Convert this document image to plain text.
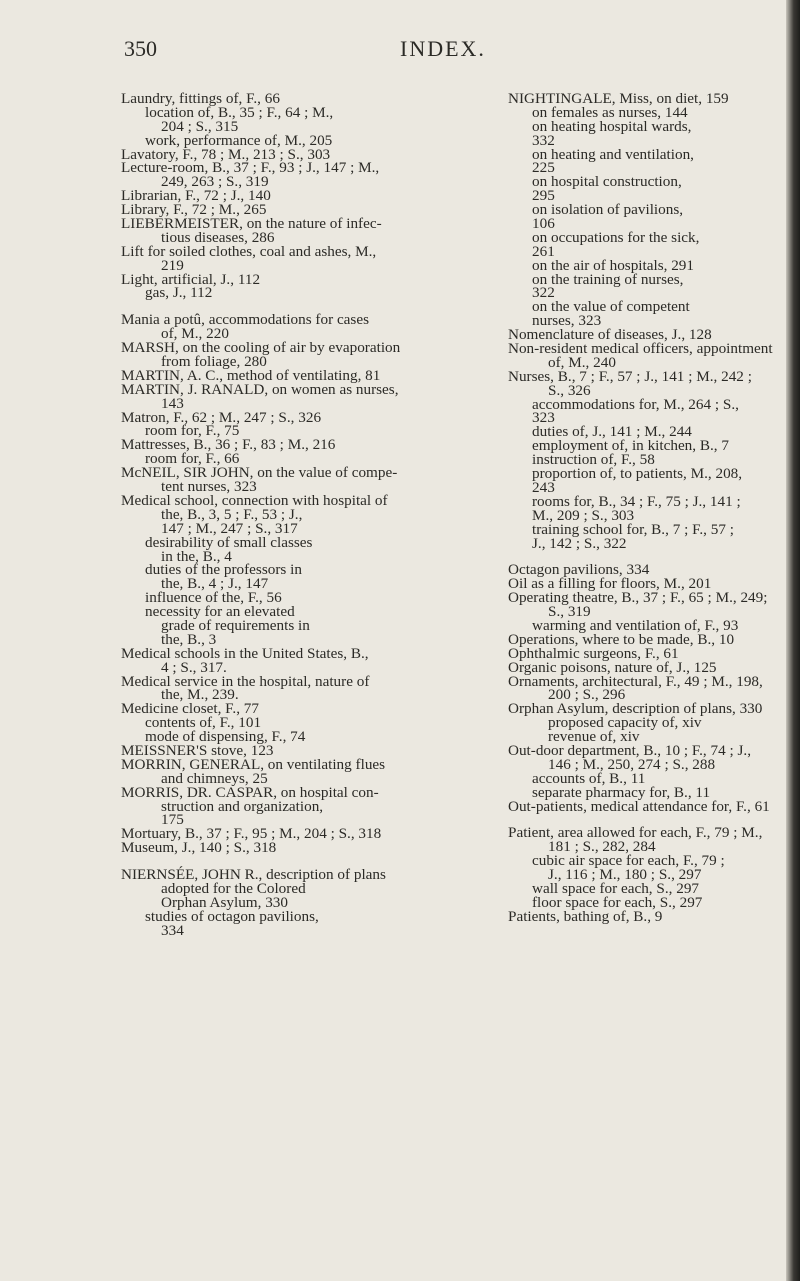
350	INDEX.
Laundry, fittings of, F., 66
location of, B., 35 ; F., 64 ; M.,
204 ; S., 315
work, performance of, M., 205
Lavatory, F., 78 ; M., 213 ; S., 303
Lecture-room, B., 37 ; F., 93 ; J., 147 ; M.,
249, 263 ; S., 319
Librarian, F., 72 ; J., 140
Library, F., 72 ; M., 265
LIEBERMEISTER, on the nature of infec-
tious diseases, 286
Lift for soiled clothes, coal and ashes, M.,
219
Light, artificial, J., 112
gas, J., 112
Mania a potû, accommodations for cases
of, M., 220
MARSH, on the cooling of air by evaporation
from foliage, 280
MARTIN, A. C., method of ventilating, 81
MARTIN, J. RANALD, on women as nurses,
143
Matron, F., 62 ; M., 247 ; S., 326
room for, F., 75
Mattresses, B., 36 ; F., 83 ; M., 216
room for, F., 66
McNEIL, SIR JOHN, on the value of compe-
tent nurses, 323
Medical school, connection with hospital of
the, B., 3, 5 ; F., 53 ; J.,
147 ; M., 247 ; S., 317
desirability of small classes
in the, B., 4
duties of the professors in
the, B., 4 ; J., 147
influence of the, F., 56
necessity for an elevated
grade of requirements in
the, B., 3
Medical schools in the United States, B.,
4 ; S., 317.
Medical service in the hospital, nature of
the, M., 239.
Medicine closet, F., 77
contents of, F., 101
mode of dispensing, F., 74
MEISSNER'S stove, 123
MORRIN, GENERAL, on ventilating flues
and chimneys, 25
MORRIS, DR. CASPAR, on hospital con-
struction and organization,
175
Mortuary, B., 37 ; F., 95 ; M., 204 ; S., 318
Museum, J., 140 ; S., 318
NIERNSÉE, JOHN R., description of plans
adopted for the Colored
Orphan Asylum, 330
studies of octagon pavilions,
334
NIGHTINGALE, Miss, on diet, 159
on females as nurses, 144
on heating hospital wards,
332
on heating and ventilation,
225
on hospital construction,
295
on isolation of pavilions,
106
on occupations for the sick,
261
on the air of hospitals, 291
on the training of nurses,
322
on the value of competent
nurses, 323
Nomenclature of diseases, J., 128
Non-resident medical officers, appointment
of, M., 240
Nurses, B., 7 ; F., 57 ; J., 141 ; M., 242 ;
S., 326
accommodations for, M., 264 ; S.,
323
duties of, J., 141 ; M., 244
employment of, in kitchen, B., 7
instruction of, F., 58
proportion of, to patients, M., 208,
243
rooms for, B., 34 ; F., 75 ; J., 141 ;
M., 209 ; S., 303
training school for, B., 7 ; F., 57 ;
J., 142 ; S., 322
Octagon pavilions, 334
Oil as a filling for floors, M., 201
Operating theatre, B., 37 ; F., 65 ; M., 249;
S., 319
warming and ventilation of, F., 93
Operations, where to be made, B., 10
Ophthalmic surgeons, F., 61
Organic poisons, nature of, J., 125
Ornaments, architectural, F., 49 ; M., 198,
200 ; S., 296
Orphan Asylum, description of plans, 330
proposed capacity of, xiv
revenue of, xiv
Out-door department, B., 10 ; F., 74 ; J.,
146 ; M., 250, 274 ; S., 288
accounts of, B., 11
separate pharmacy for, B., 11
Out-patients, medical attendance for, F., 61
Patient, area allowed for each, F., 79 ; M.,
181 ; S., 282, 284
cubic air space for each, F., 79 ;
J., 116 ; M., 180 ; S., 297
wall space for each, S., 297
floor space for each, S., 297
Patients, bathing of, B., 9
